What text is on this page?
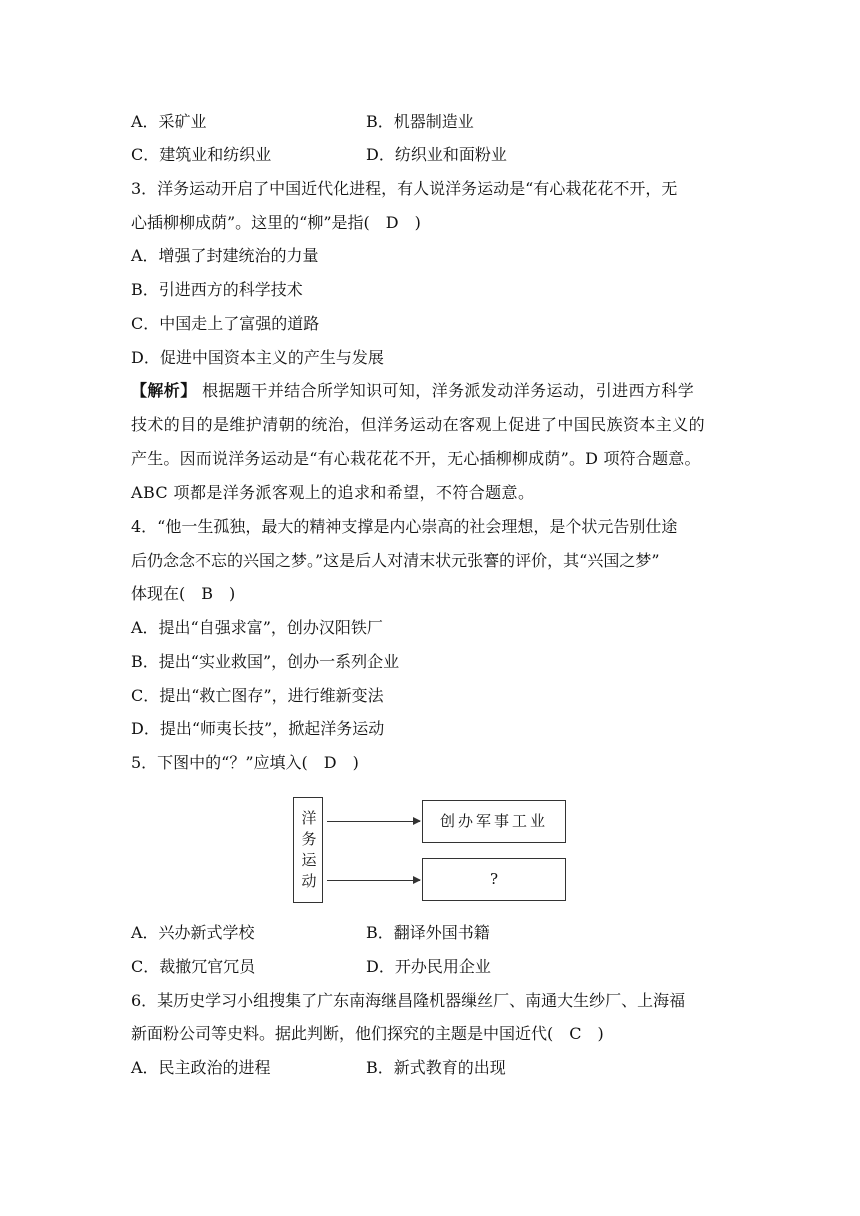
A．采矿业	B．机器制造业
C．建筑业和纺织业	D．纺织业和面粉业
3．洋务运动开启了中国近代化进程，有人说洋务运动是“有心栽花花不开，无
心插柳柳成荫”。这里的“柳”是指(　D　)
A．增强了封建统治的力量
B．引进西方的科学技术
C．中国走上了富强的道路
D．促进中国资本主义的产生与发展
【解析】 根据题干并结合所学知识可知，洋务派发动洋务运动，引进西方科学
技术的目的是维护清朝的统治，但洋务运动在客观上促进了中国民族资本主义的
产生。因而说洋务运动是“有心栽花花不开，无心插柳柳成荫”。D 项符合题意。
ABC 项都是洋务派客观上的追求和希望，不符合题意。
4．“他一生孤独，最大的精神支撑是内心崇高的社会理想，是个状元告别仕途
后仍念念不忘的兴国之梦。”这是后人对清末状元张謇的评价，其“兴国之梦”
体现在(　B　)
A．提出“自强求富”，创办汉阳铁厂
B．提出“实业救国”，创办一系列企业
C．提出“救亡图存”，进行维新变法
D．提出“师夷长技”，掀起洋务运动
5．下图中的“？”应填入(　D　)
洋
务
运
动
创办军事工业
?
A．兴办新式学校	B．翻译外国书籍
C．裁撤冗官冗员	D．开办民用企业
6．某历史学习小组搜集了广东南海继昌隆机器缫丝厂、南通大生纱厂、上海福
新面粉公司等史料。据此判断，他们探究的主题是中国近代(　C　)
A．民主政治的进程	B．新式教育的出现
